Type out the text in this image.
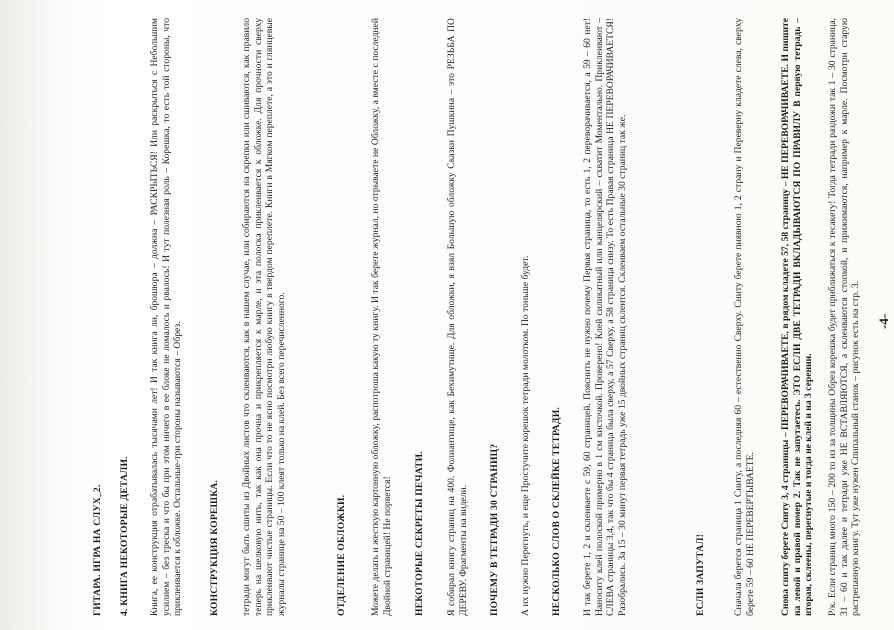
ГИТАРА. ИГРА НА СЛУХ_2. 4. КНИГА НЕКОТОРЫЕ ДЕТАЛИ. Книга, ее конструкция отрабатывалась тысячами лет! И так книга ли, брошюра – должна – РАСКРЫТЬСЯ! Или раскрыться с Небольшим усилием – без треска и что бы при этом ничего в ее блоке не ломалось и рвалось! И тут полезная роль – Корешка, то есть той стороны, что приклеивается к обложке. Остальные-три стороны называются – Обрез.	КОНСТРУКЦИЯ КОРЕШКА. тетради могут быть сшиты из Двойных листов что склеиваются, как в нашем случае, или собираются на скрепки или сшиваются, как правило теперь на шелковую нить, так как она прочна и прикрепляется к марле, и эта полоска приклеивается к обложке. Для прочности сверху приклеивают чистые страницы. Если что то не ясно посмотри любую книгу в твердом переплете. Книги в Мягком переплете, а это и глянцевые журналы странице на 50 – 100 клеят только на клей. Без всего перечисленного.	ОТДЕЛЕНИЕ ОБЛОЖКИ. Можете делать и жесткую картонную обложку, распотроша какую ту книгу. И так берете журнал, но отрываете не Обложку, а вместе с последней Двойной страницей! Не порвется! НЕКОТОРЫЕ СЕКРЕТЫ ПЕЧАТИ. Я собирал книгу страниц на 400. Фолиантище, как Бехимутище. Для обложки, я взял Большую обложку Сказки Пушкина – это РЕЗЬБА ПО ДЕРЕВУ. Фрагменты на видели. ПОЧЕМУ В ТЕТРАДИ 30 СТРАНИЦ? А их нужно Перегнуть, и еще Простучите корешок тетради молотком. По тоньше будет. НЕСКОЛЬКО СЛОВ О СКЛЕЙКЕ ТЕТРАДИ. И так берете 1, 2 и склеиваете с 59, 60 страницей. Пояснить не нужно почему Первая страница, то есть 1, 2 переворачивается, а 59 – 60 нет! Наноситу клей полоской примерно в 1 см кисточкой. Проверено! Клей силикатный или канцелярский – схватит Моментально. Приклеивают – СЛЕВА страницы 3,4, так что бы 4 страница была сверху, а 57 Сверху, а 58 страница снизу. То есть Правая страница НЕ ПЕРЕВОРАЧИВАЕТСЯ! Разобрались. За 15 – 30 минут первая тетрадь уже 15 двойных страниц склеится. Склеиваем остальные 30 страниц так же.	ЕСЛИ ЗАПУТАЛ!	Сначала берется страница 1 Сниту, а последняя 60 – естественно Сверху. Сниту берете пиявною 1, 2 страну и Переверну кладете слева, сверху берете 59 – 60 НЕ ПЕРЕВЕРТЫВАЕТЕ.	Снова сниту берете Сниту 3, 4 страницы – ПЕРЕВОРАЧИВАЕТЕ, в рядом кладете 57, 58 страницу – НЕ ПЕРЕВОРАЧИВАЕТЕ. И пишите на левой и правой номер 2. Так не запутаетесь. ЭТО ЕСЛИ ДВЕ ТЕТРАДИ ВКЛАДЫВАЮТСЯ ПО ПРАВИЛУ В первую тетрадь – вторая, склеены, перегнутые и тогда не клей и на 3 серении. Р/к. Если страниц много 150 – 200 то из за толщины Обрез корешка будет приближаться к тесакету! Тогда тетради раздожи так 1 – 30 страница, 31 – 60 и так далее и тетради уже НЕ ВСТАВЛЯЮТСЯ, а склеиваются стопкой, и прижимаются, например к марле. Посмотри старую растрепанную книгу. Тут уже нужен Спипальный станок – рисунок есть на стр. 3. -4-
